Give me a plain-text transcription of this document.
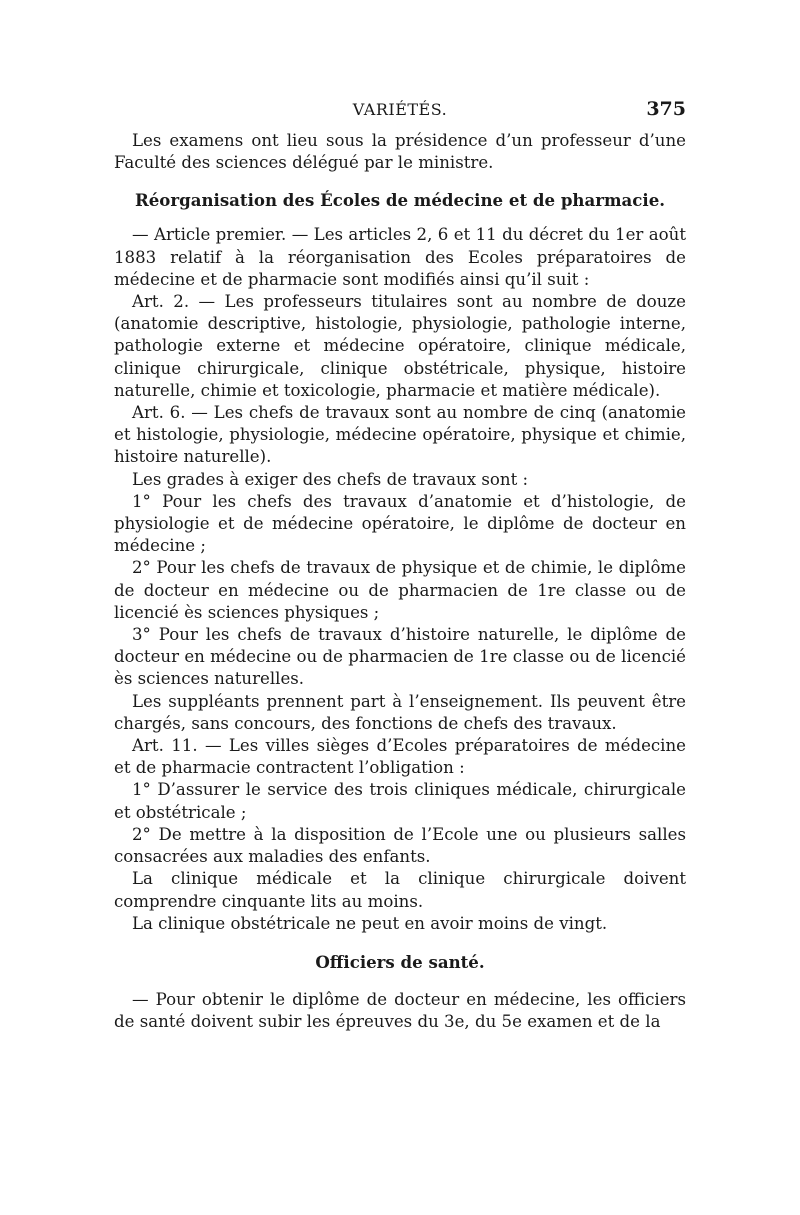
VARIÉTÉS.	375

Les examens ont lieu sous la présidence d’un professeur d’une Faculté des sciences délégué par le ministre.

Réorganisation des Écoles de médecine et de pharmacie.

— Article premier. — Les articles 2, 6 et 11 du décret du 1er août 1883 relatif à la réorganisation des Ecoles préparatoires de médecine et de pharmacie sont modifiés ainsi qu’il suit :

Art. 2. — Les professeurs titulaires sont au nombre de douze (anatomie descriptive, histologie, physiologie, pathologie interne, pathologie externe et médecine opératoire, clinique médicale, clinique chirurgicale, clinique obstétricale, physique, histoire naturelle, chimie et toxicologie, pharmacie et matière médicale).

Art. 6. — Les chefs de travaux sont au nombre de cinq (anatomie et histologie, physiologie, médecine opératoire, physique et chimie, histoire naturelle).

Les grades à exiger des chefs de travaux sont :

1° Pour les chefs des travaux d’anatomie et d’histologie, de physiologie et de médecine opératoire, le diplôme de docteur en médecine ;

2° Pour les chefs de travaux de physique et de chimie, le diplôme de docteur en médecine ou de pharmacien de 1re classe ou de licencié ès sciences physiques ;

3° Pour les chefs de travaux d’histoire naturelle, le diplôme de docteur en médecine ou de pharmacien de 1re classe ou de licencié ès sciences naturelles.

Les suppléants prennent part à l’enseignement. Ils peuvent être chargés, sans concours, des fonctions de chefs des travaux.

Art. 11. — Les villes sièges d’Ecoles préparatoires de médecine et de pharmacie contractent l’obligation :

1° D’assurer le service des trois cliniques médicale, chirurgicale et obstétricale ;

2° De mettre à la disposition de l’Ecole une ou plusieurs salles consacrées aux maladies des enfants.

La clinique médicale et la clinique chirurgicale doivent comprendre cinquante lits au moins.

La clinique obstétricale ne peut en avoir moins de vingt.

Officiers de santé.

— Pour obtenir le diplôme de docteur en médecine, les officiers de santé doivent subir les épreuves du 3e, du 5e examen et de la
